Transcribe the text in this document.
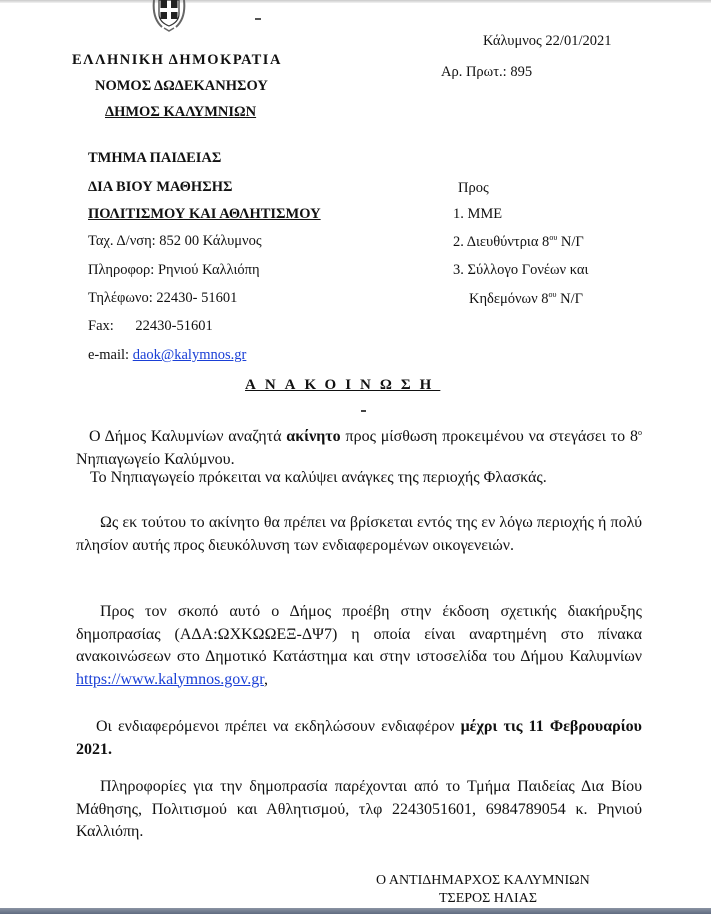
ΕΛΛΗΝΙΚΗ ΔΗΜΟΚΡΑΤΙΑ
ΝΟΜΟΣ ΔΩΔΕΚΑΝΗΣΟΥ
ΔΗΜΟΣ ΚΑΛΥΜΝΙΩΝ
Κάλυμνος 22/01/2021
Αρ. Πρωτ.: 895
ΤΜΗΜΑ ΠΑΙΔΕΙΑΣ
ΔΙΑ ΒΙΟΥ ΜΑΘΗΣΗΣ
ΠΟΛΙΤΙΣΜΟΥ ΚΑΙ ΑΘΛΗΤΙΣΜΟΥ
Ταχ. Δ/νση: 852 00 Κάλυμνος
Πληροφορ: Ρηνιού Καλλιόπη
Τηλέφωνο: 22430- 51601
Fax: 22430-51601
e-mail: daok@kalymnos.gr
Προς
1. ΜΜΕ
2. Διευθύντρια $8^{o\upsilon}$ Ν/Γ
3. Σύλλογο Γονέων και
Κηδεμόνων $8^{o\upsilon}$ Ν/Γ
ΑΝΑΚΟΙΝΩΣΗ
Ο Δήμος Καλυμνίων αναζητά ακίνητο προς μίσθωση προκειμένου να στεγάσει το $8^o$ Νηπιαγωγείο Καλύμνου.
Το Νηπιαγωγείο πρόκειται να καλύψει ανάγκες της περιοχής Φλασκάς.
Ως εκ τούτου το ακίνητο θα πρέπει να βρίσκεται εντός της εν λόγω περιοχής ή πολύ πλησίον αυτής προς διευκόλυνση των ενδιαφερομένων οικογενειών.
Προς τον σκοπό αυτό ο Δήμος προέβη στην έκδοση σχετικής διακήρυξης δημοπρασίας (ΑΔΑ:ΩΧΚΩΩΕΞ-ΔΨ7) η οποία είναι αναρτημένη στο πίνακα ανακοινώσεων στο Δημοτικό Κατάστημα και στην ιστοσελίδα του Δήμου Καλυμνίων https://www.kalymnos.gov.gr,
Οι ενδιαφερόμενοι πρέπει να εκδηλώσουν ενδιαφέρον μέχρι τις 11 Φεβρουαρίου 2021.
Πληροφορίες για την δημοπρασία παρέχονται από το Τμήμα Παιδείας Δια Βίου Μάθησης, Πολιτισμού και Αθλητισμού, τλφ 2243051601, 6984789054 κ. Ρηνιού Καλλιόπη.
Ο ΑΝΤΙΔΗΜΑΡΧΟΣ ΚΑΛΥΜΝΙΩΝ
ΤΣΕΡΟΣ ΗΛΙΑΣ
